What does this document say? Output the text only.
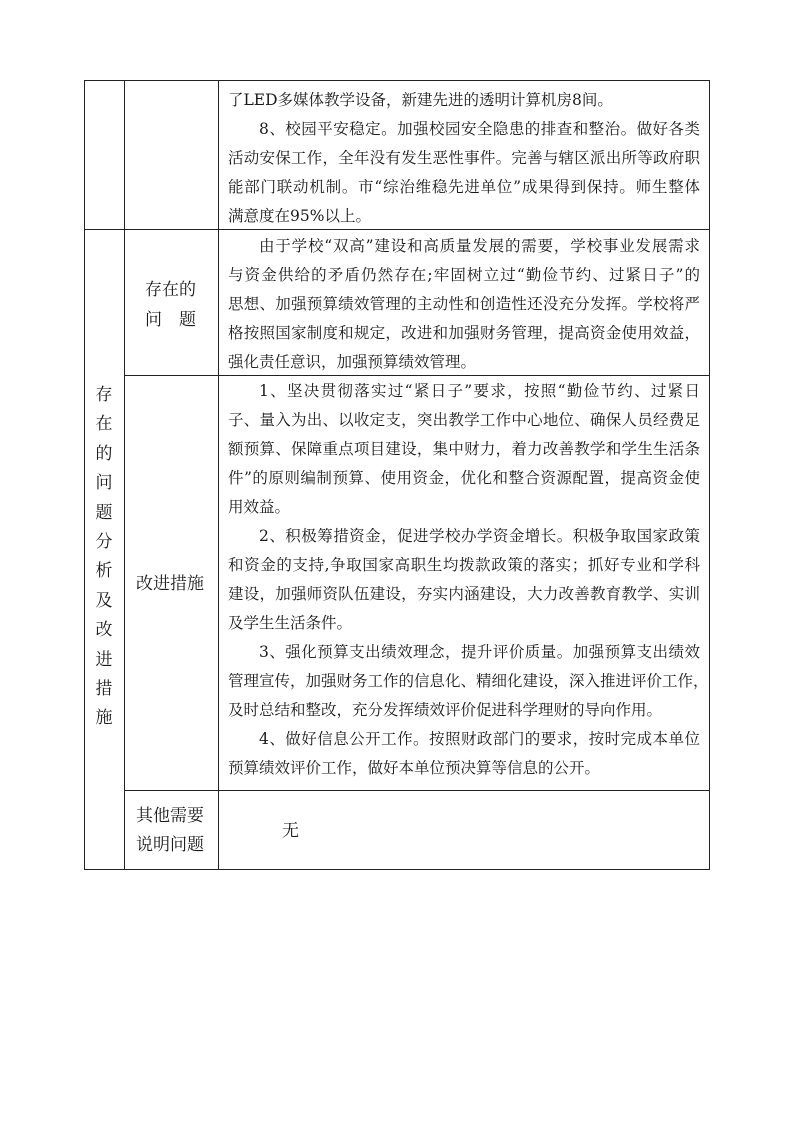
存
在
的
问
题
分
析
及
改
进
措
施
存在的
问　题
改进措施
其他需要
说明问题
了LED多媒体教学设备，新建先进的透明计算机房8间。
8、校园平安稳定。加强校园安全隐患的排查和整治。做好各类
活动安保工作，全年没有发生恶性事件。完善与辖区派出所等政府职
能部门联动机制。市“综治维稳先进单位”成果得到保持。师生整体
满意度在95%以上。
由于学校“双高”建设和高质量发展的需要，学校事业发展需求
与资金供给的矛盾仍然存在;牢固树立过“勤俭节约、过紧日子”的
思想、加强预算绩效管理的主动性和创造性还没充分发挥。学校将严
格按照国家制度和规定，改进和加强财务管理，提高资金使用效益，
强化责任意识，加强预算绩效管理。
1、坚决贯彻落实过“紧日子”要求，按照“勤俭节约、过紧日
子、量入为出、以收定支，突出教学工作中心地位、确保人员经费足
额预算、保障重点项目建设，集中财力，着力改善教学和学生生活条
件”的原则编制预算、使用资金，优化和整合资源配置，提高资金使
用效益。
2、积极筹措资金，促进学校办学资金增长。积极争取国家政策
和资金的支持,争取国家高职生均拨款政策的落实；抓好专业和学科
建设，加强师资队伍建设，夯实内涵建设，大力改善教育教学、实训
及学生生活条件。
3、强化预算支出绩效理念，提升评价质量。加强预算支出绩效
管理宣传，加强财务工作的信息化、精细化建设，深入推进评价工作，
及时总结和整改，充分发挥绩效评价促进科学理财的导向作用。
4、做好信息公开工作。按照财政部门的要求，按时完成本单位
预算绩效评价工作，做好本单位预决算等信息的公开。
无
